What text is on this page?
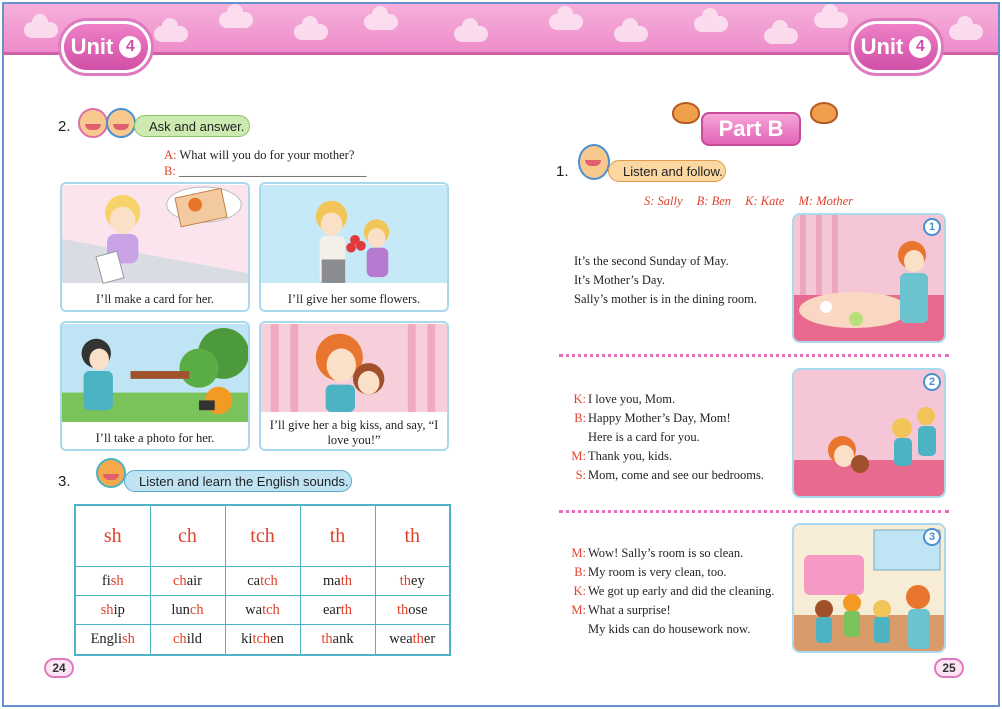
Unit 4	Unit 4
2.	Ask and answer.
A: What will you do for your mother?
B: ______________________________
I’ll make a card for her.	I’ll give her some flowers.
I’ll take a photo for her.
I’ll give her a big kiss, and say, “I love you!”
3.	Listen and learn the English sounds.
sh	ch	tch	th	th
fish	chair	catch	math	they
ship	lunch	watch	earth	those
English	child	kitchen	thank	weather
24
Part B
1.	Listen and follow.
S: Sally B: Ben K: Kate M: Mother
It’s the second Sunday of May.
It’s Mother’s Day.
Sally’s mother is in the dining room.
1
K: I love you, Mom.
B: Happy Mother’s Day, Mom!
Here is a card for you.
M: Thank you, kids.
S: Mom, come and see our bedrooms.
2
M: Wow! Sally’s room is so clean.
B: My room is very clean, too.
K: We got up early and did the cleaning.
M: What a surprise!
My kids can do housework now.
3
25
